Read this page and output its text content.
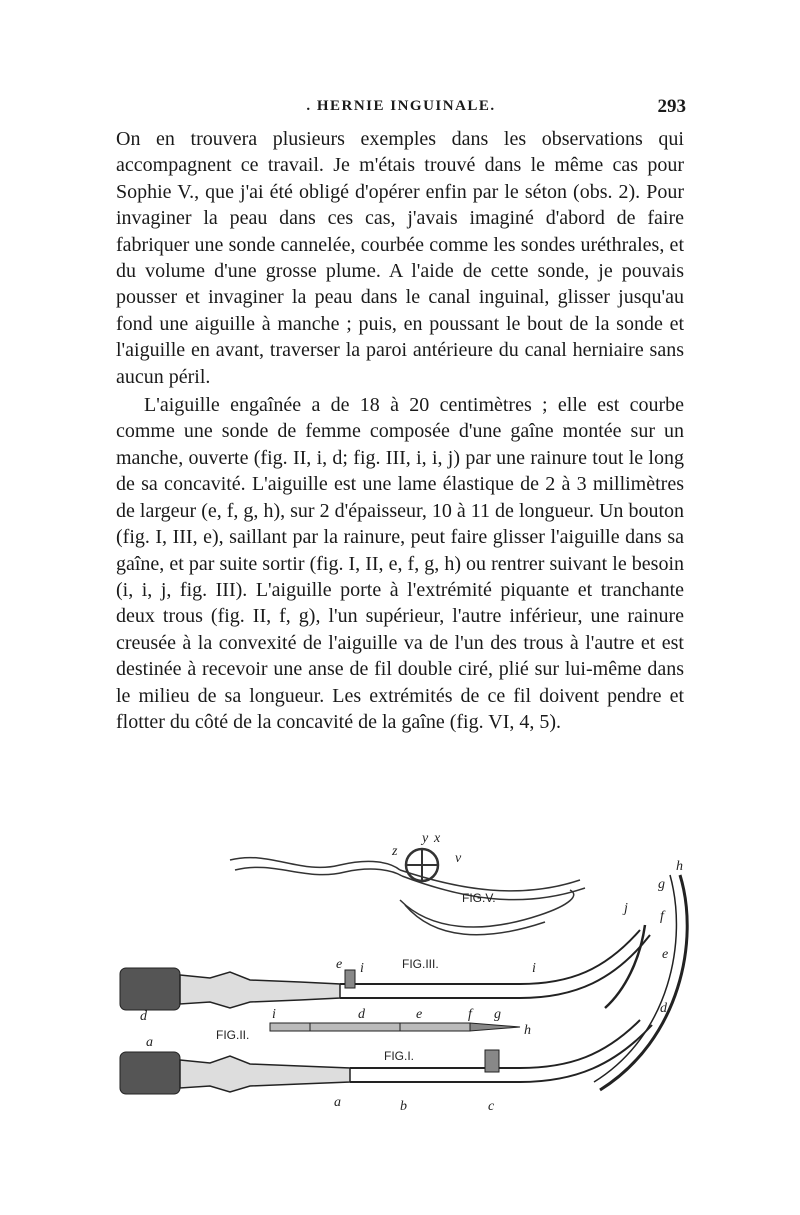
. HERNIE INGUINALE.	293

On en trouvera plusieurs exemples dans les observations qui accompagnent ce travail. Je m'étais trouvé dans le même cas pour Sophie V., que j'ai été obligé d'opérer enfin par le séton (obs. 2). Pour invaginer la peau dans ces cas, j'avais imaginé d'abord de faire fabriquer une sonde cannelée, courbée comme les sondes uréthrales, et du volume d'une grosse plume. A l'aide de cette sonde, je pouvais pousser et invaginer la peau dans le canal inguinal, glisser jusqu'au fond une aiguille à manche ; puis, en poussant le bout de la sonde et l'aiguille en avant, traverser la paroi antérieure du canal herniaire sans aucun péril.

L'aiguille engaînée a de 18 à 20 centimètres ; elle est courbe comme une sonde de femme composée d'une gaîne montée sur un manche, ouverte (fig. II, i, d; fig. III, i, i, j) par une rainure tout le long de sa concavité. L'aiguille est une lame élastique de 2 à 3 millimètres de largeur (e, f, g, h), sur 2 d'épaisseur, 10 à 11 de longueur. Un bouton (fig. I, III, e), saillant par la rainure, peut faire glisser l'aiguille dans sa gaîne, et par suite sortir (fig. I, II, e, f, g, h) ou rentrer suivant le besoin (i, i, j, fig. III). L'aiguille porte à l'extrémité piquante et tranchante deux trous (fig. II, f, g), l'un supérieur, l'autre inférieur, une rainure creusée à la convexité de l'aiguille va de l'un des trous à l'autre et est destinée à recevoir une anse de fil double ciré, plié sur lui-même dans le milieu de sa longueur. Les extrémités de ce fil doivent pendre et flotter du côté de la concavité de la gaîne (fig. VI, 4, 5).

FIG.V.
FIG.III.
FIG.II.
FIG.I.
y x
z	v
h
g
j
f
e
d
e i	i
d	i	d	e	f g
h
a
a	b	c
